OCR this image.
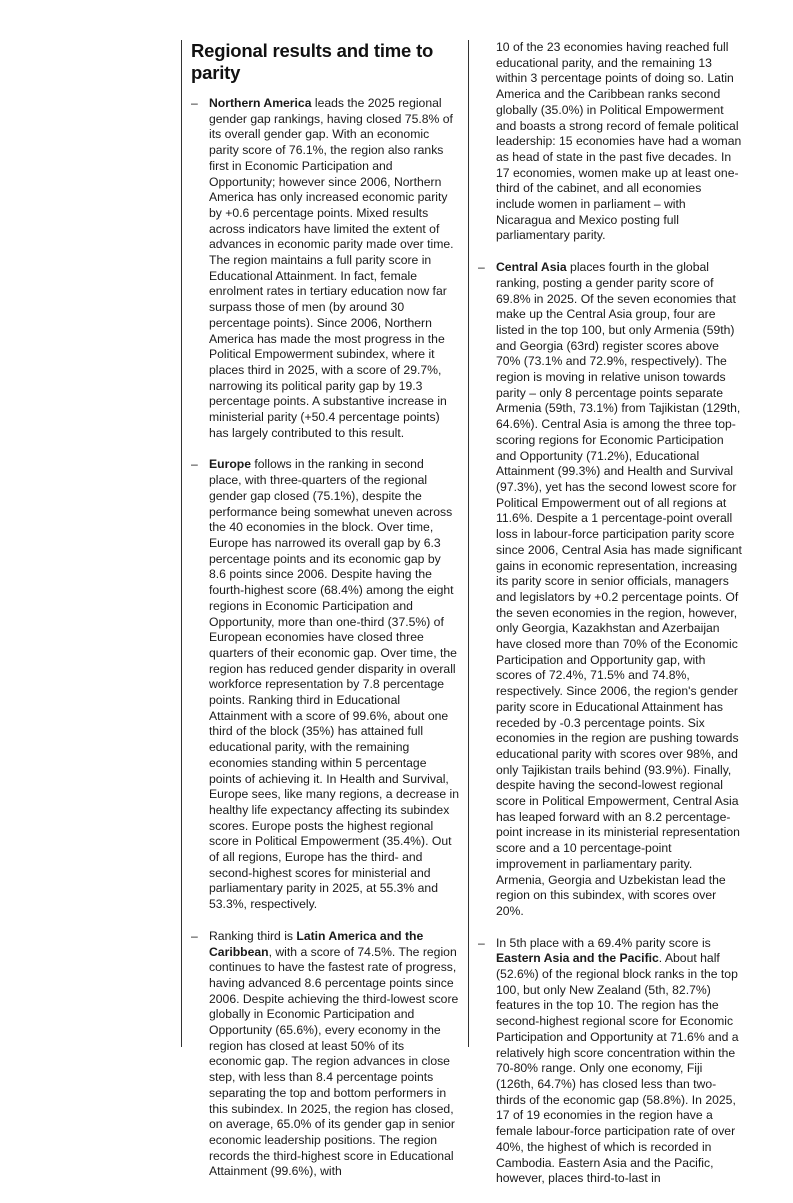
Regional results and time to parity
– Northern America leads the 2025 regional gender gap rankings, having closed 75.8% of its overall gender gap. With an economic parity score of 76.1%, the region also ranks first in Economic Participation and Opportunity; however since 2006, Northern America has only increased economic parity by +0.6 percentage points. Mixed results across indicators have limited the extent of advances in economic parity made over time. The region maintains a full parity score in Educational Attainment. In fact, female enrolment rates in tertiary education now far surpass those of men (by around 30 percentage points). Since 2006, Northern America has made the most progress in the Political Empowerment subindex, where it places third in 2025, with a score of 29.7%, narrowing its political parity gap by 19.3 percentage points. A substantive increase in ministerial parity (+50.4 percentage points) has largely contributed to this result.
– Europe follows in the ranking in second place, with three-quarters of the regional gender gap closed (75.1%), despite the performance being somewhat uneven across the 40 economies in the block. Over time, Europe has narrowed its overall gap by 6.3 percentage points and its economic gap by 8.6 points since 2006. Despite having the fourth-highest score (68.4%) among the eight regions in Economic Participation and Opportunity, more than one-third (37.5%) of European economies have closed three quarters of their economic gap. Over time, the region has reduced gender disparity in overall workforce representation by 7.8 percentage points. Ranking third in Educational Attainment with a score of 99.6%, about one third of the block (35%) has attained full educational parity, with the remaining economies standing within 5 percentage points of achieving it. In Health and Survival, Europe sees, like many regions, a decrease in healthy life expectancy affecting its subindex scores. Europe posts the highest regional score in Political Empowerment (35.4%). Out of all regions, Europe has the third- and second-highest scores for ministerial and parliamentary parity in 2025, at 55.3% and 53.3%, respectively.
– Ranking third is Latin America and the Caribbean, with a score of 74.5%. The region continues to have the fastest rate of progress, having advanced 8.6 percentage points since 2006. Despite achieving the third-lowest score globally in Economic Participation and Opportunity (65.6%), every economy in the region has closed at least 50% of its economic gap. The region advances in close step, with less than 8.4 percentage points separating the top and bottom performers in this subindex. In 2025, the region has closed, on average, 65.0% of its gender gap in senior economic leadership positions. The region records the third-highest score in Educational Attainment (99.6%), with
10 of the 23 economies having reached full educational parity, and the remaining 13 within 3 percentage points of doing so. Latin America and the Caribbean ranks second globally (35.0%) in Political Empowerment and boasts a strong record of female political leadership: 15 economies have had a woman as head of state in the past five decades. In 17 economies, women make up at least one-third of the cabinet, and all economies include women in parliament – with Nicaragua and Mexico posting full parliamentary parity.
– Central Asia places fourth in the global ranking, posting a gender parity score of 69.8% in 2025. Of the seven economies that make up the Central Asia group, four are listed in the top 100, but only Armenia (59th) and Georgia (63rd) register scores above 70% (73.1% and 72.9%, respectively). The region is moving in relative unison towards parity – only 8 percentage points separate Armenia (59th, 73.1%) from Tajikistan (129th, 64.6%). Central Asia is among the three top-scoring regions for Economic Participation and Opportunity (71.2%), Educational Attainment (99.3%) and Health and Survival (97.3%), yet has the second lowest score for Political Empowerment out of all regions at 11.6%. Despite a 1 percentage-point overall loss in labour-force participation parity score since 2006, Central Asia has made significant gains in economic representation, increasing its parity score in senior officials, managers and legislators by +0.2 percentage points. Of the seven economies in the region, however, only Georgia, Kazakhstan and Azerbaijan have closed more than 70% of the Economic Participation and Opportunity gap, with scores of 72.4%, 71.5% and 74.8%, respectively. Since 2006, the region's gender parity score in Educational Attainment has receded by -0.3 percentage points. Six economies in the region are pushing towards educational parity with scores over 98%, and only Tajikistan trails behind (93.9%). Finally, despite having the second-lowest regional score in Political Empowerment, Central Asia has leaped forward with an 8.2 percentage-point increase in its ministerial representation score and a 10 percentage-point improvement in parliamentary parity. Armenia, Georgia and Uzbekistan lead the region on this subindex, with scores over 20%.
– In 5th place with a 69.4% parity score is Eastern Asia and the Pacific. About half (52.6%) of the regional block ranks in the top 100, but only New Zealand (5th, 82.7%) features in the top 10. The region has the second-highest regional score for Economic Participation and Opportunity at 71.6% and a relatively high score concentration within the 70-80% range. Only one economy, Fiji (126th, 64.7%) has closed less than two-thirds of the economic gap (58.8%). In 2025, 17 of 19 economies in the region have a female labour-force participation rate of over 40%, the highest of which is recorded in Cambodia. Eastern Asia and the Pacific, however, places third-to-last in
